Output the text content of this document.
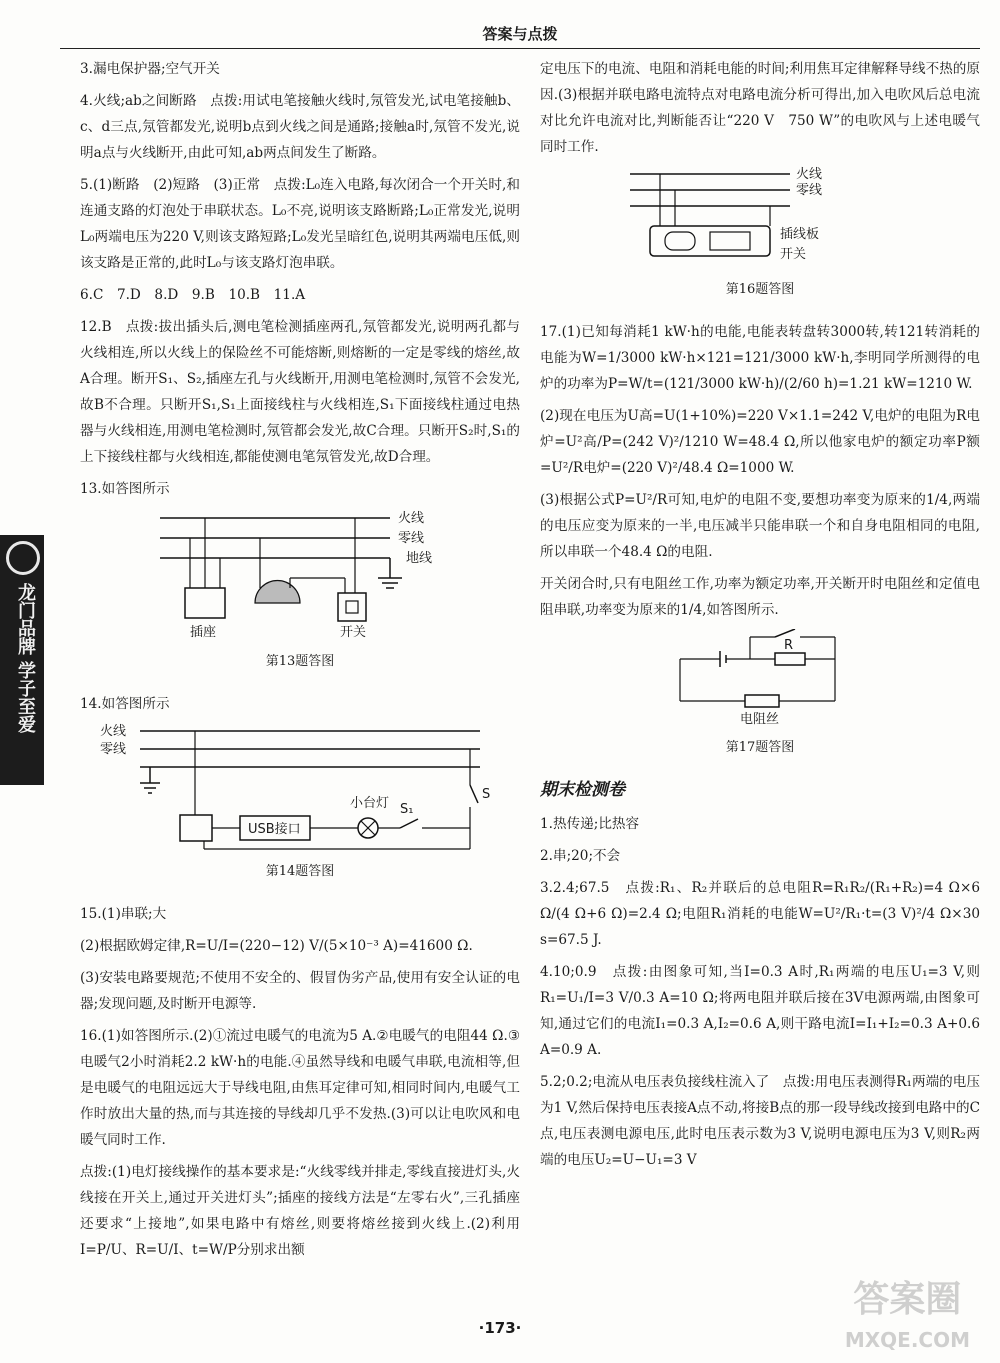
答案与点拨
龙门品牌 学子至爱

3.漏电保护器;空气开关

4.火线;ab之间断路　点拨:用试电笔接触火线时,氖管发光,试电笔接触b、c、d三点,氖管都发光,说明b点到火线之间是通路;接触a时,氖管不发光,说明a点与火线断开,由此可知,ab两点间发生了断路。

5.(1)断路　(2)短路　(3)正常　点拨:L₀连入电路,每次闭合一个开关时,和连通支路的灯泡处于串联状态。L₀不亮,说明该支路断路;L₀正常发光,说明L₀两端电压为220 V,则该支路短路;L₀发光呈暗红色,说明其两端电压低,则该支路是正常的,此时L₀与该支路灯泡串联。

6.C　7.D　8.D　9.B　10.B　11.A

12.B　点拨:拔出插头后,测电笔检测插座两孔,氖管都发光,说明两孔都与火线相连,所以火线上的保险丝不可能熔断,则熔断的一定是零线的熔丝,故A合理。断开S₁、S₂,插座左孔与火线断开,用测电笔检测时,氖管不会发光,故B不合理。只断开S₁,S₁上面接线柱与火线相连,S₁下面接线柱通过电热器与火线相连,用测电笔检测时,氖管都会发光,故C合理。只断开S₂时,S₁的上下接线柱都与火线相连,都能使测电笔氖管发光,故D合理。

13.如答图所示

火线
零线
地线
插座	开关
第13题答图

14.如答图所示

火线
零线
USB接口
小台灯 S₁
S
第14题答图

15.(1)串联;大

(2)根据欧姆定律,R=U/I=(220−12) V/(5×10⁻³ A)=41600 Ω.

(3)安装电路要规范;不使用不安全的、假冒伪劣产品,使用有安全认证的电器;发现问题,及时断开电源等.

16.(1)如答图所示.(2)①流过电暖气的电流为5 A.②电暖气的电阻44 Ω.③电暖气2小时消耗2.2 kW·h的电能.④虽然导线和电暖气串联,电流相等,但是电暖气的电阻远远大于导线电阻,由焦耳定律可知,相同时间内,电暖气工作时放出大量的热,而与其连接的导线却几乎不发热.(3)可以让电吹风和电暖气同时工作.

点拨:(1)电灯接线操作的基本要求是:“火线零线并排走,零线直接进灯头,火线接在开关上,通过开关进灯头”;插座的接线方法是“左零右火”,三孔插座还要求“上接地”,如果电路中有熔丝,则要将熔丝接到火线上.(2)利用I=P/U、R=U/I、t=W/P分别求出额

定电压下的电流、电阻和消耗电能的时间;利用焦耳定律解释导线不热的原因.(3)根据并联电路电流特点对电路电流分析可得出,加入电吹风后总电流对比允许电流对比,判断能否让“220 V　750 W”的电吹风与上述电暖气同时工作.

火线
零线
插线板
开关
第16题答图

17.(1)已知每消耗1 kW·h的电能,电能表转盘转3000转,转121转消耗的电能为W=1/3000 kW·h×121=121/3000 kW·h,李明同学所测得的电炉的功率为P=W/t=(121/3000 kW·h)/(2/60 h)=1.21 kW=1210 W.

(2)现在电压为U高=U(1+10%)=220 V×1.1=242 V,电炉的电阻为R电炉=U²高/P=(242 V)²/1210 W=48.4 Ω,所以他家电炉的额定功率P额=U²/R电炉=(220 V)²/48.4 Ω=1000 W.

(3)根据公式P=U²/R可知,电炉的电阻不变,要想功率变为原来的1/4,两端的电压应变为原来的一半,电压减半只能串联一个和自身电阻相同的电阻,所以串联一个48.4 Ω的电阻.

开关闭合时,只有电阻丝工作,功率为额定功率,开关断开时电阻丝和定值电阻串联,功率变为原来的1/4,如答图所示.

R
电阻丝
第17题答图
期末检测卷

1.热传递;比热容

2.串;20;不会

3.2.4;67.5　点拨:R₁、R₂并联后的总电阻R=R₁R₂/(R₁+R₂)=4 Ω×6 Ω/(4 Ω+6 Ω)=2.4 Ω;电阻R₁消耗的电能W=U²/R₁·t=(3 V)²/4 Ω×30 s=67.5 J.

4.10;0.9　点拨:由图象可知,当I=0.3 A时,R₁两端的电压U₁=3 V,则R₁=U₁/I=3 V/0.3 A=10 Ω;将两电阻并联后接在3V电源两端,由图象可知,通过它们的电流I₁=0.3 A,I₂=0.6 A,则干路电流I=I₁+I₂=0.3 A+0.6 A=0.9 A.

5.2;0.2;电流从电压表负接线柱流入了　点拨:用电压表测得R₁两端的电压为1 V,然后保持电压表接A点不动,将接B点的那一段导线改接到电路中的C点,电压表测电源电压,此时电压表示数为3 V,说明电源电压为3 V,则R₂两端的电压U₂=U−U₁=3 V

·173·
答案圈
MXQE.COM
